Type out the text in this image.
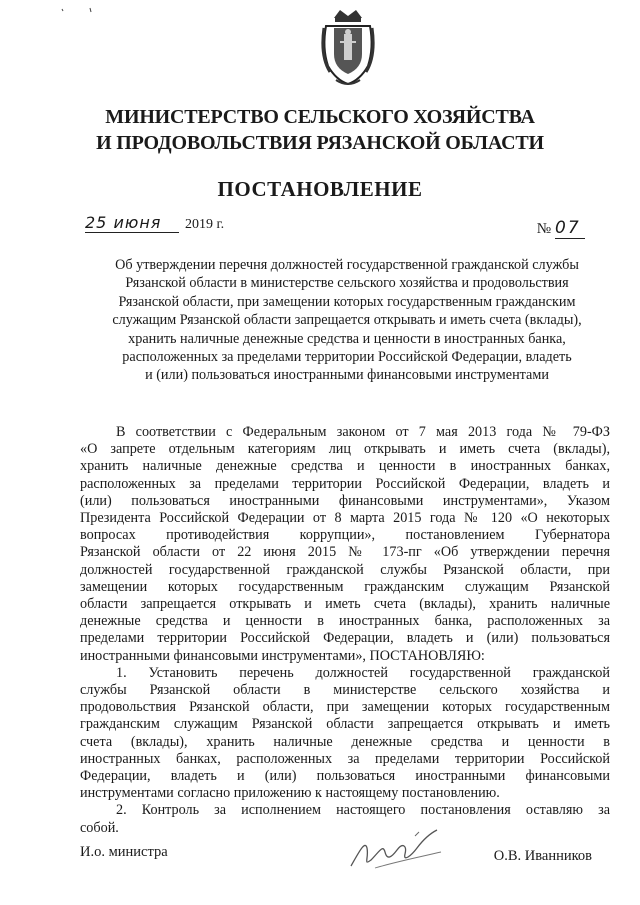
МИНИСТЕРСТВО СЕЛЬСКОГО ХОЗЯЙСТВА
И ПРОДОВОЛЬСТВИЯ РЯЗАНСКОЙ ОБЛАСТИ
ПОСТАНОВЛЕНИЕ
25 июня 2019 г.	№ 07
Об утверждении перечня должностей государственной гражданской службы
Рязанской области в министерстве сельского хозяйства и продовольствия
Рязанской области, при замещении которых государственным гражданским
служащим Рязанской области запрещается открывать и иметь счета (вклады),
хранить наличные денежные средства и ценности в иностранных банка,
расположенных за пределами территории Российской Федерации, владеть
и (или) пользоваться иностранными финансовыми инструментами
В соответствии с Федеральным законом от 7 мая 2013 года № 79-ФЗ
«О запрете отдельным категориям лиц открывать и иметь счета (вклады),
хранить наличные денежные средства и ценности в иностранных банках,
расположенных за пределами территории Российской Федерации, владеть и
(или) пользоваться иностранными финансовыми инструментами», Указом
Президента Российской Федерации от 8 марта 2015 года № 120 «О некоторых
вопросах противодействия коррупции», постановлением Губернатора
Рязанской области от 22 июня 2015 № 173-пг «Об утверждении перечня
должностей государственной гражданской службы Рязанской области, при
замещении которых государственным гражданским служащим Рязанской
области запрещается открывать и иметь счета (вклады), хранить наличные
денежные средства и ценности в иностранных банка, расположенных за
пределами территории Российской Федерации, владеть и (или) пользоваться
иностранными финансовыми инструментами», ПОСТАНОВЛЯЮ:
1. Установить перечень должностей государственной гражданской
службы Рязанской области в министерстве сельского хозяйства и
продовольствия Рязанской области, при замещении которых государственным
гражданским служащим Рязанской области запрещается открывать и иметь
счета (вклады), хранить наличные денежные средства и ценности в
иностранных банках, расположенных за пределами территории Российской
Федерации, владеть и (или) пользоваться иностранными финансовыми
инструментами согласно приложению к настоящему постановлению.
2. Контроль за исполнением настоящего постановления оставляю за
собой.
И.о. министра	О.В. Иванников
